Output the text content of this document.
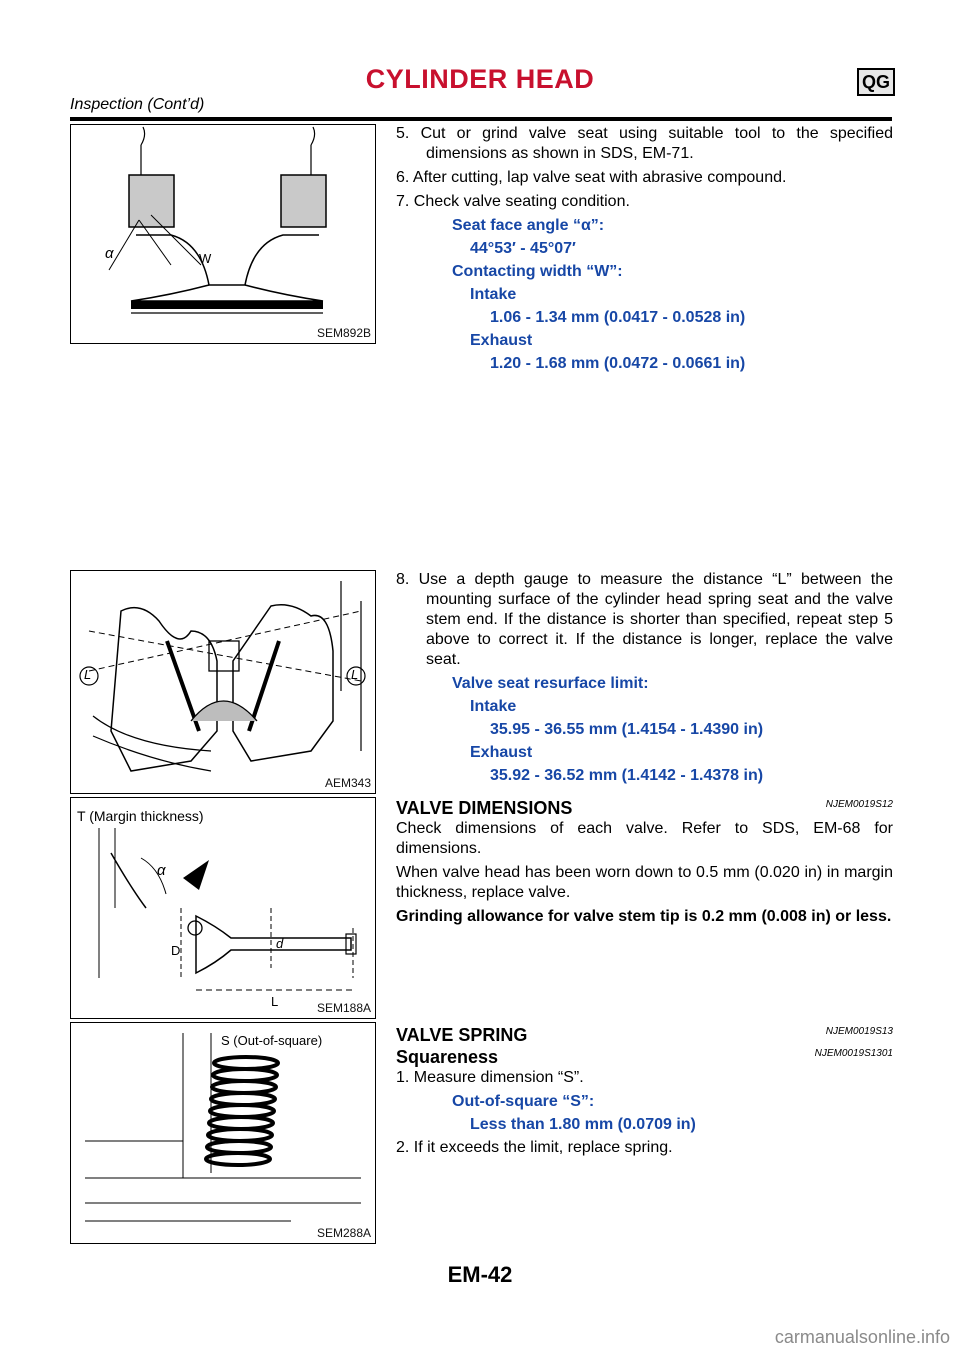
CYLINDER HEAD	QG
Inspection (Cont’d)
α	W
SEM892B

5. Cut or grind valve seat using suitable tool to the specified dimensions as shown in SDS, EM-71.

6. After cutting, lap valve seat with abrasive compound.

7. Check valve seating condition.

Seat face angle “α”:

44°53′ - 45°07′

Contacting width “W”:

Intake

1.06 - 1.34 mm (0.0417 - 0.0528 in)

Exhaust

1.20 - 1.68 mm (0.0472 - 0.0661 in)

L	L
AEM343

8. Use a depth gauge to measure the distance “L” between the mounting surface of the cylinder head spring seat and the valve stem end. If the distance is shorter than specified, repeat step 5 above to correct it. If the distance is longer, replace the valve seat.

Valve seat resurface limit:

Intake

35.95 - 36.55 mm (1.4154 - 1.4390 in)

Exhaust

35.92 - 36.52 mm (1.4142 - 1.4378 in)

T (Margin thickness)
α
D	d
L	SEM188A
VALVE DIMENSIONS	NJEM0019S12

Check dimensions of each valve. Refer to SDS, EM-68 for dimensions.

When valve head has been worn down to 0.5 mm (0.020 in) in margin thickness, replace valve.

Grinding allowance for valve stem tip is 0.2 mm (0.008 in) or less.

S (Out-of-square)
SEM288A
VALVE SPRING	NJEM0019S13
Squareness	NJEM0019S1301

1. Measure dimension “S”.

Out-of-square “S”:

Less than 1.80 mm (0.0709 in)

2. If it exceeds the limit, replace spring.

EM-42
carmanualsonline.info
